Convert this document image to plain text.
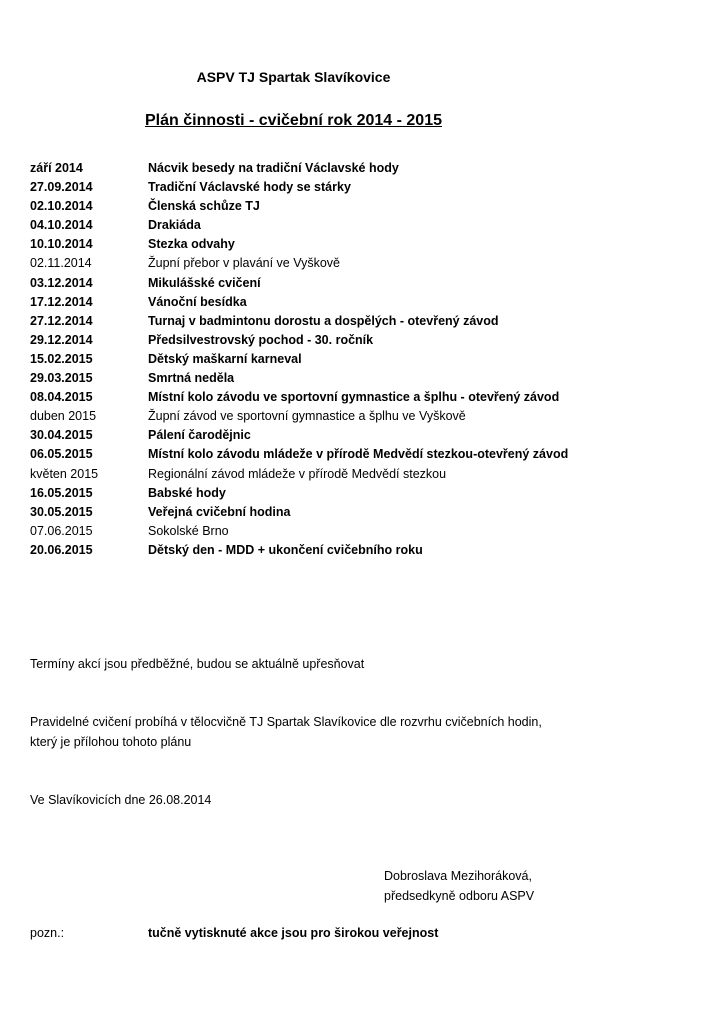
ASPV TJ Spartak Slavíkovice
Plán činnosti - cvičební rok 2014 - 2015
září 2014	Nácvik besedy na tradiční Václavské hody
27.09.2014	Tradiční Václavské hody se stárky
02.10.2014	Členská schůze TJ
04.10.2014	Drakiáda
10.10.2014	Stezka odvahy
02.11.2014	Župní přebor v plavání ve Vyškově
03.12.2014	Mikulášské cvičení
17.12.2014	Vánoční besídka
27.12.2014	Turnaj v badmintonu dorostu a dospělých - otevřený závod
29.12.2014	Předsilvestrovský pochod - 30. ročník
15.02.2015	Dětský maškarní karneval
29.03.2015	Smrtná neděla
08.04.2015	Místní kolo závodu ve sportovní gymnastice a šplhu - otevřený závod
duben 2015	Župní závod ve sportovní gymnastice a šplhu ve Vyškově
30.04.2015	Pálení čarodějnic
06.05.2015	Místní kolo závodu mládeže v přírodě Medvědí stezkou-otevřený závod
květen 2015	Regionální závod mládeže v přírodě Medvědí stezkou
16.05.2015	Babské hody
30.05.2015	Veřejná cvičební hodina
07.06.2015	Sokolské Brno
20.06.2015	Dětský den - MDD + ukončení cvičebního roku
Termíny akcí jsou předběžné, budou se aktuálně upřesňovat
Pravidelné cvičení probíhá v tělocvičně TJ Spartak Slavíkovice dle rozvrhu cvičebních hodin,
který je přílohou tohoto plánu
Ve Slavíkovicích dne 26.08.2014
Dobroslava Mezihoráková,
předsedkyně odboru ASPV
pozn.:	tučně vytisknuté akce jsou pro širokou veřejnost
